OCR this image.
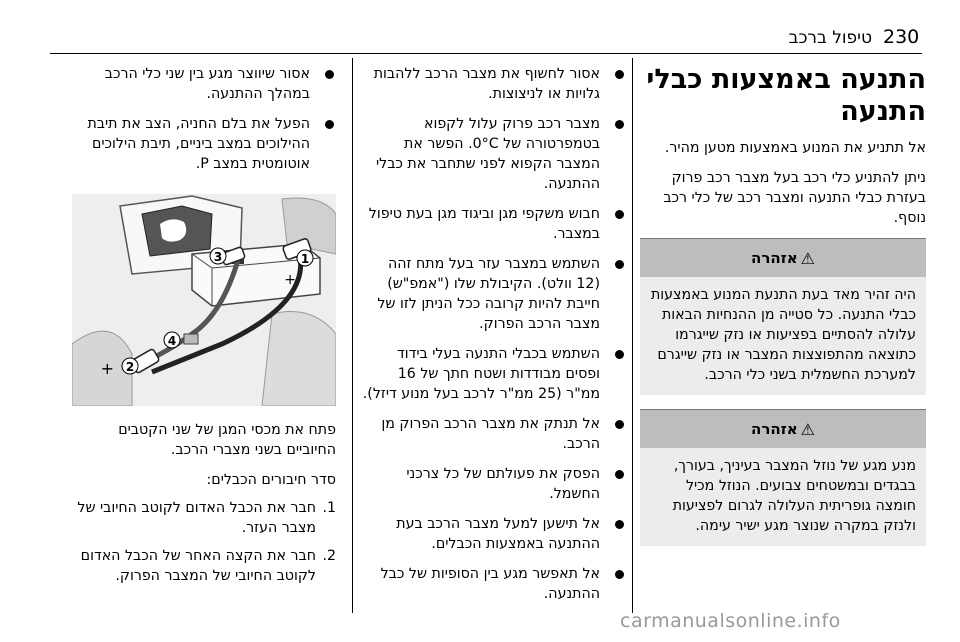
230
טיפול ברכב
התנעה באמצעות כבלי התנעה

אל תתניע את המנוע באמצעות מטען מהיר.

ניתן להתניע כלי רכב בעל מצבר רכב פרוק בעזרת כבלי התנעה ומצבר רכב של כלי רכב נוסף.

⚠
אזהרה
היה זהיר מאד בעת התנעת המנוע באמצעות כבלי התנעה. כל סטייה מן ההנחיות הבאות עלולה להסתיים בפציעות או נזק שייגרמו כתוצאה מהתפוצצות המצבר או נזק שייגרם למערכת החשמלית בשני כלי הרכב.
⚠
אזהרה
מנע מגע של נוזל המצבר בעיניך, בעורך, בבגדים ובמשטחים צבועים. הנוזל מכיל חומצה גופריתית העלולה לגרום לפציעות ולנזק במקרה שנוצר מגע ישיר עימה.
אסור לחשוף את מצבר הרכב ללהבות גלויות או לניצוצות.
מצבר רכב פרוק עלול לקפוא בטמפרטורה של 0°C. הפשר את המצבר הקפוא לפני שתחבר את כבלי ההתנעה.
חבוש משקפי מגן וביגוד מגן בעת טיפול במצבר.
השתמש במצבר עזר בעל מתח זהה (12 וולט). הקיבולת שלו ("אמפ"ש) חייבת להיות קרובה ככל הניתן לזו של מצבר הרכב הפרוק.
השתמש בכבלי התנעה בעלי בידוד ופסים מבודדות ושטח חתך של 16 ממ"ר (25 ממ"ר לרכב בעל מנוע דיזל).
אל תנתק את מצבר הרכב הפרוק מן הרכב.
הפסק את פעולתם של כל צרכני החשמל.
אל תישען למעל מצבר הרכב בעת ההתנעה באמצעות הכבלים.
אל תאפשר מגע בין הסופיות של כבל ההתנעה.
אסור שיווצר מגע בין שני כלי הרכב במהלך ההתנעה.
הפעל את בלם החניה, הצב את תיבת ההילוכים במצב ביניים, תיבת הילוכים אוטומטית במצב P.
+
+
1
2
3
4

פתח את מכסי המגן של שני הקטבים החיוביים בשני מצברי הרכב.

סדר חיבורים הכבלים:

1.
חבר את הכבל האדום לקוטב החיובי של מצבר העזר.
2.
חבר את הקצה האחר של הכבל האדום לקוטב החיובי של המצבר הפרוק.
carmanualsonline.info
